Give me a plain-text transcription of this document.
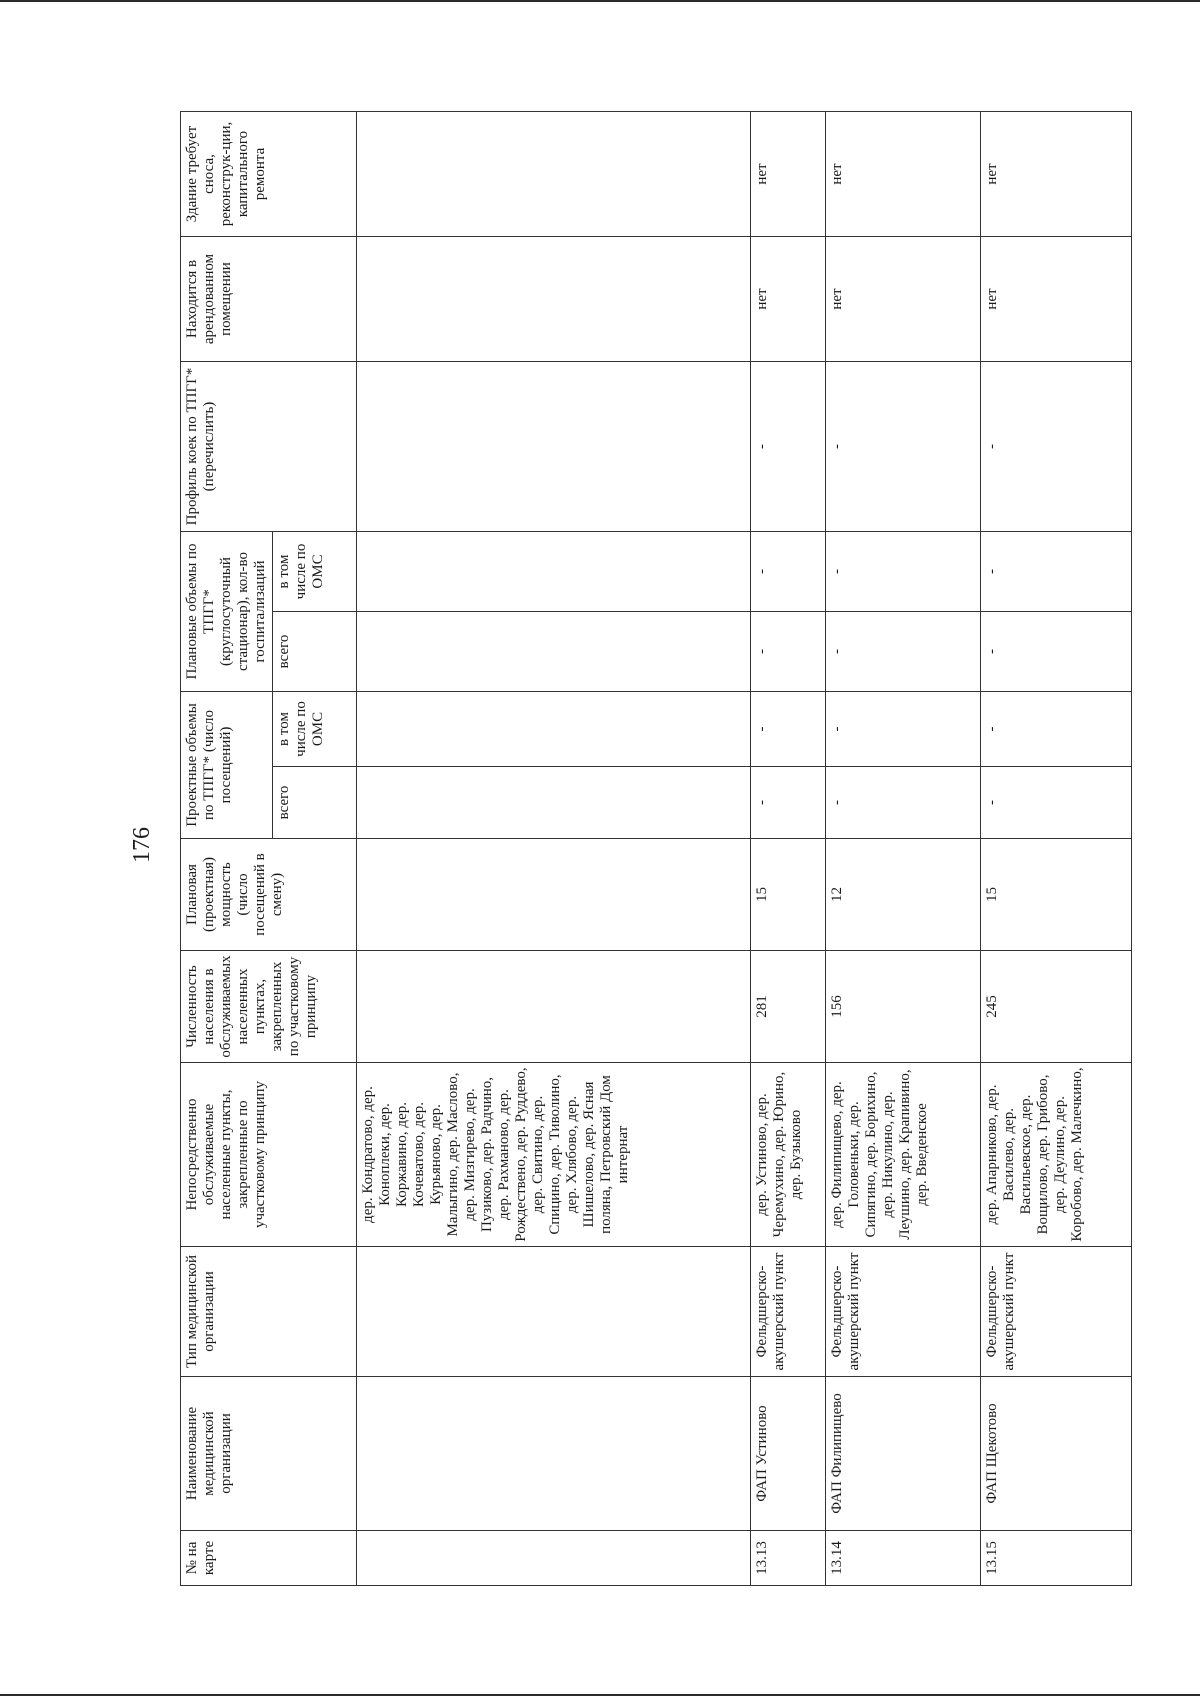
176
№ на карте	Наименование медицинской организации	Тип медицинской организации	Непосредственно обслуживаемые населенные пункты, закрепленные по участковому принципу	Численность населения в обслуживаемых населенных пунктах, закрепленных по участковому принципу	Плановая (проектная) мощность (число посещений в смену)	Проектные объемы по ТПГГ* (число посещений)		Плановые объемы по ТПГГ* (круглосуточный стационар), кол-во госпитализаций		Профиль коек по ТПГГ* (перечислить)	Находится в арендованном помещении	Здание требует сноса, реконструк-ции, капитального ремонта
						всего	в том числе по ОМС	всего	в том числе по ОМС			
			дер. Кондратово, дер. Коноплеки, дер. Коржавино, дер. Кочеватово, дер. Курьяново, дер. Малыгино, дер. Маслово, дер. Мизгирево, дер. Пузиково, дер. Радчино, дер. Рахманово, дер. Рождествено, дер. Руддево, дер. Свитино, дер. Спицино, дер. Тиволино, дер. Хлябово, дер. Шишелово, дер. Ясная поляна, Петровский Дом интернат									
13.13	ФАП Устиново	Фельдшерско-акушерский пункт	дер. Устиново, дер. Черемухино, дер. Юрино, дер. Бузыково	281	15	-	-	-	-	-	нет	нет
13.14	ФАП Филипищево	Фельдшерско-акушерский пункт	дер. Филипищево, дер. Головеньки, дер. Сипягино, дер. Борихино, дер. Никулино, дер. Леушино, дер. Крапивино, дер. Введенское	156	12	-	-	-	-	-	нет	нет
13.15	ФАП Щекотово	Фельдшерско-акушерский пункт	дер. Апарниково, дер. Василево, дер. Васильевское, дер. Вощилово, дер. Грибово, дер. Деулино, дер. Коробово, дер. Малечкино,	245	15	-	-	-	-	-	нет	нет
